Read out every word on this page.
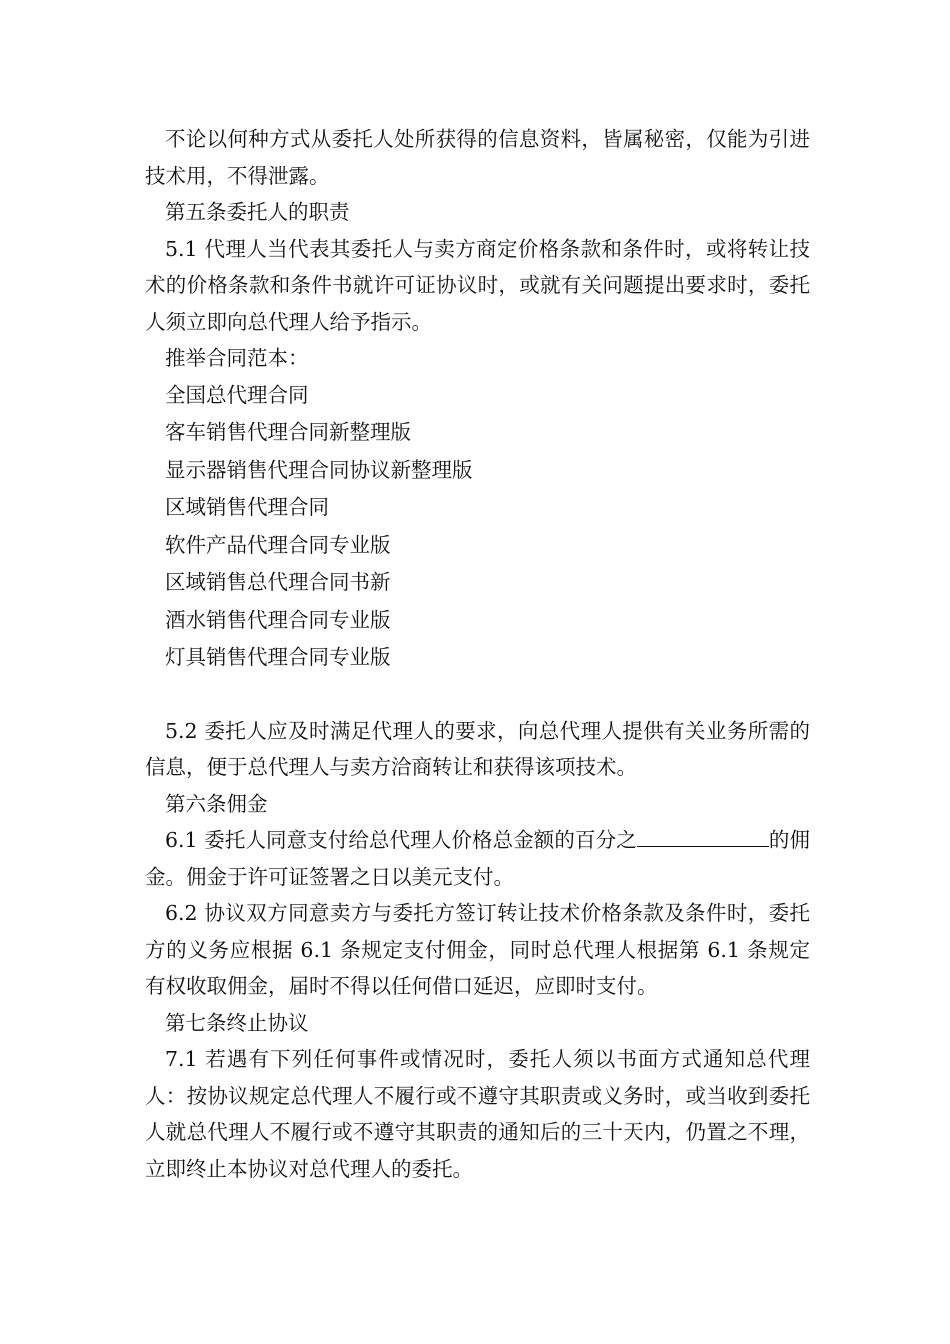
不论以何种方式从委托人处所获得的信息资料，皆属秘密，仅能为引进技术用，不得泄露。

第五条委托人的职责

5.1 代理人当代表其委托人与卖方商定价格条款和条件时，或将转让技术的价格条款和条件书就许可证协议时，或就有关问题提出要求时，委托人须立即向总代理人给予指示。

推举合同范本：

全国总代理合同
客车销售代理合同新整理版
显示器销售代理合同协议新整理版
区域销售代理合同
软件产品代理合同专业版
区域销售总代理合同书新
酒水销售代理合同专业版
灯具销售代理合同专业版

5.2 委托人应及时满足代理人的要求，向总代理人提供有关业务所需的信息，便于总代理人与卖方洽商转让和获得该项技术。

第六条佣金

6.1 委托人同意支付给总代理人价格总金额的百分之	的佣金。佣金于许可证签署之日以美元支付。

6.2 协议双方同意卖方与委托方签订转让技术价格条款及条件时，委托方的义务应根据 6.1 条规定支付佣金，同时总代理人根据第 6.1 条规定有权收取佣金，届时不得以任何借口延迟，应即时支付。

第七条终止协议

7.1 若遇有下列任何事件或情况时，委托人须以书面方式通知总代理人：按协议规定总代理人不履行或不遵守其职责或义务时，或当收到委托人就总代理人不履行或不遵守其职责的通知后的三十天内，仍置之不理，立即终止本协议对总代理人的委托。
